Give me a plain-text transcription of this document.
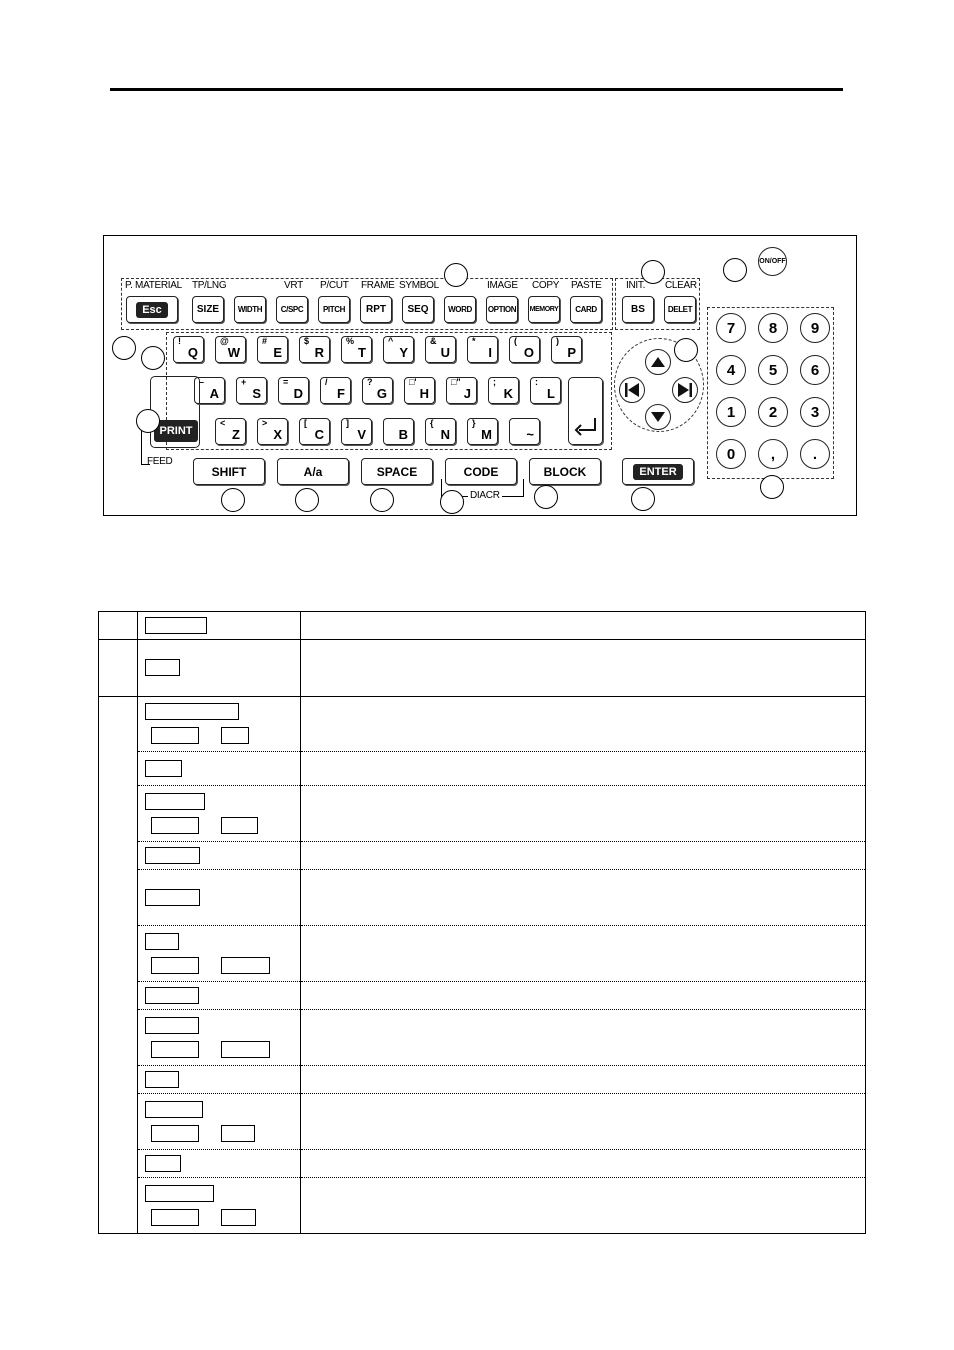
P. MATERIAL TP/LNG	VRT P/CUT FRAME SYMBOL	IMAGE COPY PASTE INIT. CLEAR
Esc	SIZE	WIDTH	C/SPC	PITCH	RPT	SEQ	WORD	OPTION MEMORY	CARD	BS	DELET
ON/OFF
PRINT
FEED
!
Q
@
W
#
E
$
R
%
T
^
Y
&
U
*
I
(
O
)
P
–
A
+
S
=
D
/
F
?
G
□'
H
□"
J
;
K
:
L
<
Z
>
X
[
C
]
V	B
{
N
}
M	~
7	8	9
4	5	6
1	2	3
0	,	.
SHIFT	A/a	SPACE	CODE	BLOCK	ENTER
DIACR
